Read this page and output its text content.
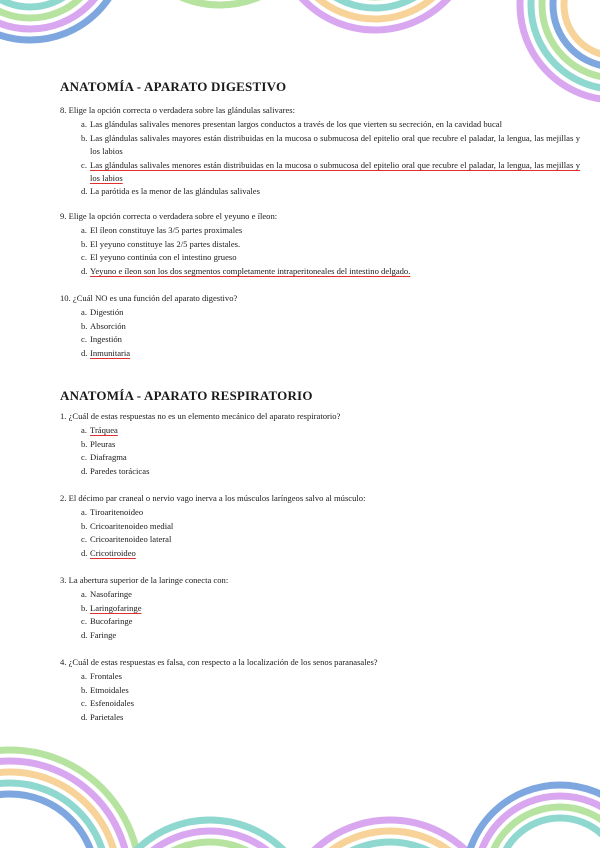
ANATOMÍA - APARATO DIGESTIVO

8. Elige la opción correcta o verdadera sobre las glándulas salivares:

a. Las glándulas salivales menores presentan largos conductos a través de los que vierten su secreción, en la cavidad bucal
b. Las glándulas salivales mayores están distribuidas en la mucosa o submucosa del epitelio oral que recubre el paladar, la lengua, las mejillas y los labios
c. Las glándulas salivales menores están distribuidas en la mucosa o submucosa del epitelio oral que recubre el paladar, la lengua, las mejillas y los labios
d. La parótida es la menor de las glándulas salivales

9. Elige la opción correcta o verdadera sobre el yeyuno e íleon:

a. El íleon constituye las 3/5 partes proximales
b. El yeyuno constituye las 2/5 partes distales.
c. El yeyuno continúa con el intestino grueso
d. Yeyuno e íleon son los dos segmentos completamente intraperitoneales del intestino delgado.

10. ¿Cuál NO es una función del aparato digestivo?

a. Digestión
b. Absorción
c. Ingestión
d. Inmunitaria
ANATOMÍA - APARATO RESPIRATORIO

1. ¿Cuál de estas respuestas no es un elemento mecánico del aparato respiratorio?

a. Tráquea
b. Pleuras
c. Diafragma
d. Paredes torácicas

2. El décimo par craneal o nervio vago inerva a los músculos laríngeos salvo al músculo:

a. Tiroaritenoideo
b. Cricoaritenoideo medial
c. Cricoaritenoideo lateral
d. Cricotiroideo

3. La abertura superior de la laringe conecta con:

a. Nasofaringe
b. Laringofaringe
c. Bucofaringe
d. Faringe

4. ¿Cuál de estas respuestas es falsa, con respecto a la localización de los senos paranasales?

a. Frontales
b. Etmoidales
c. Esfenoidales
d. Parietales
